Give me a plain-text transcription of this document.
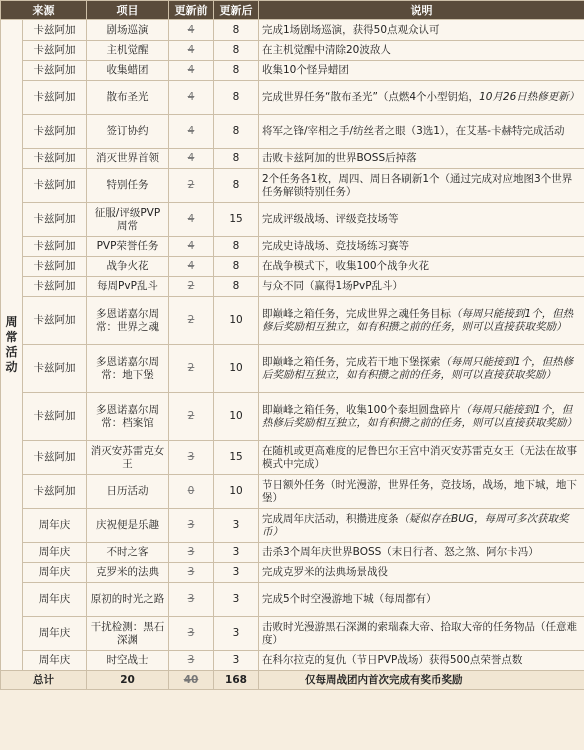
来源		项目	更新前	更新后	说明
周常活动	卡兹阿加	剧场巡演	4	8	完成1场剧场巡演，获得50点观众认可
	卡兹阿加	主机觉醒	4	8	在主机觉醒中清除20波敌人
	卡兹阿加	收集蜡团	4	8	收集10个怪异蜡团
	卡兹阿加	散布圣光	4	8	完成世界任务“散布圣光”（点燃4个小型钥焰，10月26日热修更新）
	卡兹阿加	签订协约	4	8	将军之锋/宰相之手/纺丝者之眼（3选1），在艾基-卡赫特完成活动
	卡兹阿加	消灭世界首领	4	8	击败卡兹阿加的世界BOSS后掉落
	卡兹阿加	特别任务	2	8	2个任务各1枚，周四、周日各刷新1个（通过完成对应地图3个世界任务解锁特别任务）
	卡兹阿加	征服/评级PVP周常	4	15	完成评级战场、评级竞技场等
	卡兹阿加	PVP荣誉任务	4	8	完成史诗战场、竞技场练习赛等
	卡兹阿加	战争火花	4	8	在战争模式下，收集100个战争火花
	卡兹阿加	每周PvP乱斗	2	8	与众不同（赢得1场PvP乱斗）
	卡兹阿加	多恩诺嘉尔周常：世界之魂	2	10	即巅峰之箱任务，完成世界之魂任务目标（每周只能接到1个，但热修后奖励相互独立，如有积攒之前的任务，则可以直接获取奖励）
	卡兹阿加	多恩诺嘉尔周常：地下堡	2	10	即巅峰之箱任务，完成若干地下堡探索（每周只能接到1个，但热修后奖励相互独立，如有积攒之前的任务，则可以直接获取奖励）
	卡兹阿加	多恩诺嘉尔周常：档案馆	2	10	即巅峰之箱任务，收集100个泰坦圆盘碎片（每周只能接到1个，但热修后奖励相互独立，如有积攒之前的任务，则可以直接获取奖励）
	卡兹阿加	消灭安苏雷克女王	3	15	在随机或更高难度的尼鲁巴尔王宫中消灭安苏雷克女王（无法在故事模式中完成）
	卡兹阿加	日历活动	0	10	节日额外任务（时光漫游，世界任务，竞技场，战场，地下城，地下堡）
	周年庆	庆祝便是乐趣	3	3	完成周年庆活动，积攒进度条（疑似存在BUG，每周可多次获取奖币）
	周年庆	不时之客	3	3	击杀3个周年庆世界BOSS（末日行者、怒之煞、阿尔卡冯）
	周年庆	克罗米的法典	3	3	完成克罗米的法典场景战役
	周年庆	原初的时光之路	3	3	完成5个时空漫游地下城（每周都有）
	周年庆	干扰检测：黑石深渊	3	3	击败时光漫游黑石深渊的索瑞森大帝、拾取大帝的任务物品（任意难度）
	周年庆	时空战士	3	3	在科尔拉克的复仇（节日PVP战场）获得500点荣誉点数
总计		20	40	168	仅每周战团内首次完成有奖币奖励
